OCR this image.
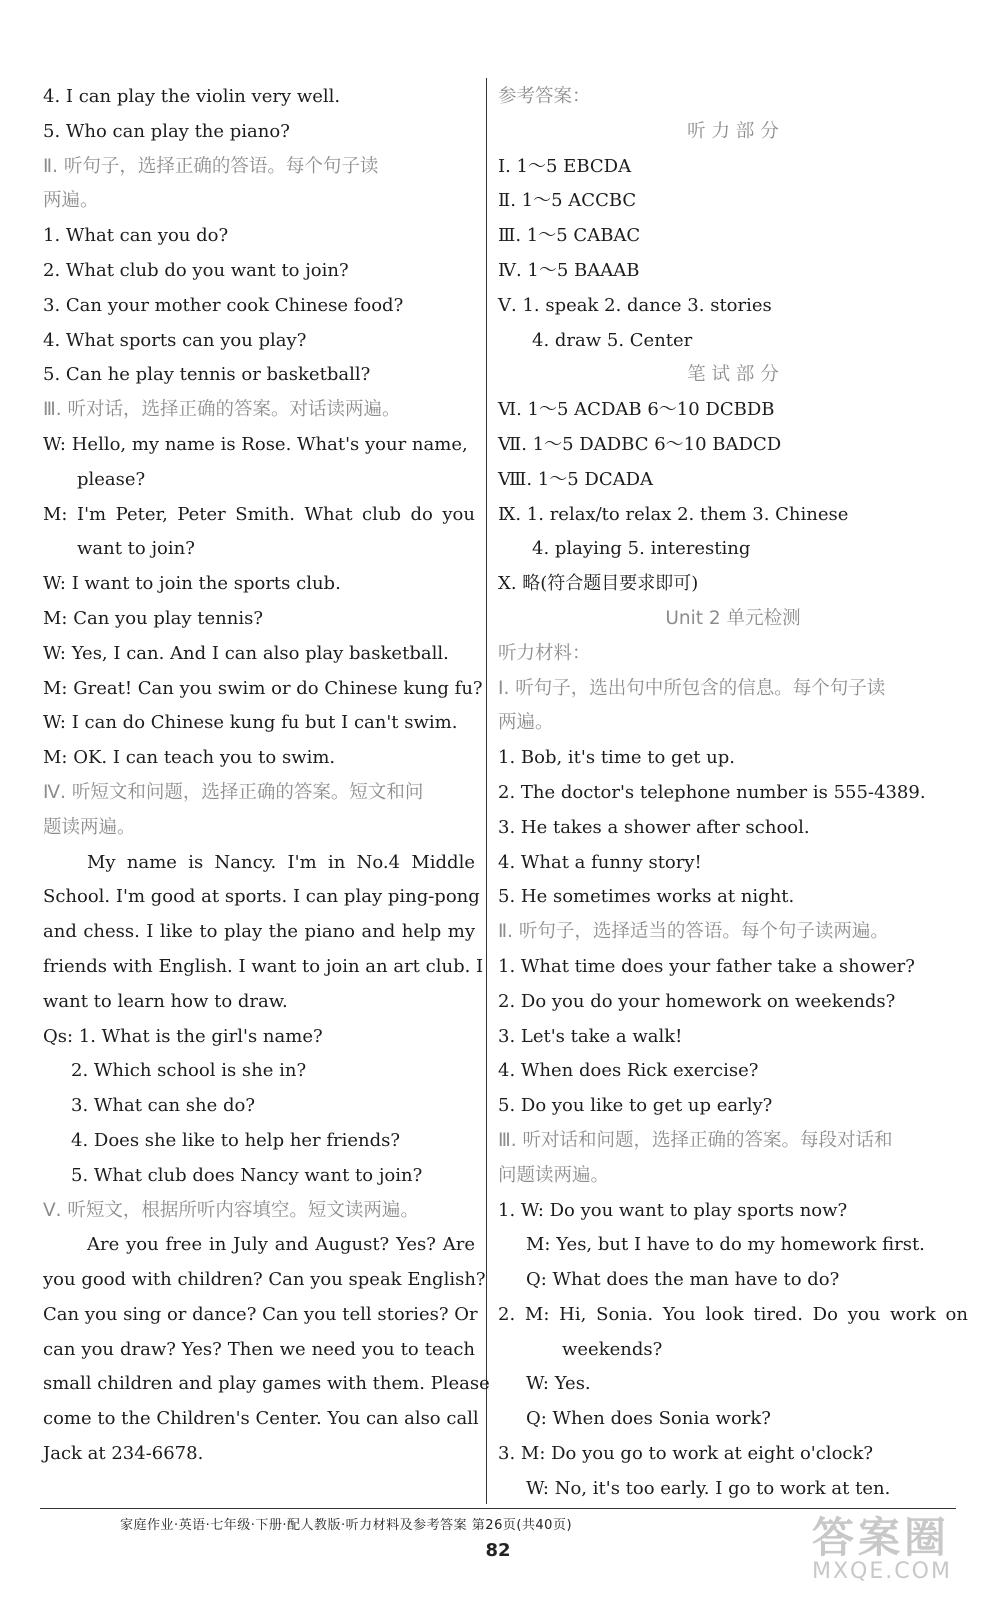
4. I can play the violin very well.
5. Who can play the piano?
Ⅱ. 听句子，选择正确的答语。每个句子读
两遍。
1. What can you do?
2. What club do you want to join?
3. Can your mother cook Chinese food?
4. What sports can you play?
5. Can he play tennis or basketball?
Ⅲ. 听对话，选择正确的答案。对话读两遍。
W: Hello, my name is Rose. What's your name,
please?
M: I'm Peter, Peter Smith. What club do you
want to join?
W: I want to join the sports club.
M: Can you play tennis?
W: Yes, I can. And I can also play basketball.
M: Great! Can you swim or do Chinese kung fu?
W: I can do Chinese kung fu but I can't swim.
M: OK. I can teach you to swim.
Ⅳ. 听短文和问题，选择正确的答案。短文和问
题读两遍。
My name is Nancy. I'm in No.4 Middle
School. I'm good at sports. I can play ping-pong
and chess. I like to play the piano and help my
friends with English. I want to join an art club. I
want to learn how to draw.
Qs: 1. What is the girl's name?
2. Which school is she in?
3. What can she do?
4. Does she like to help her friends?
5. What club does Nancy want to join?
Ⅴ. 听短文，根据所听内容填空。短文读两遍。
Are you free in July and August? Yes? Are
you good with children? Can you speak English?
Can you sing or dance? Can you tell stories? Or
can you draw? Yes? Then we need you to teach
small children and play games with them. Please
come to the Children's Center. You can also call
Jack at 234-6678.
参考答案：
听 力 部 分
Ⅰ. 1～5 EBCDA
Ⅱ. 1～5 ACCBC
Ⅲ. 1～5 CABAC
Ⅳ. 1～5 BAAAB
Ⅴ. 1. speak 2. dance 3. stories
4. draw 5. Center
笔 试 部 分
Ⅵ. 1～5 ACDAB 6～10 DCBDB
Ⅶ. 1～5 DADBC 6～10 BADCD
Ⅷ. 1～5 DCADA
Ⅸ. 1. relax/to relax 2. them 3. Chinese
4. playing 5. interesting
Ⅹ. 略(符合题目要求即可)
Unit 2 单元检测
听力材料：
Ⅰ. 听句子，选出句中所包含的信息。每个句子读
两遍。
1. Bob, it's time to get up.
2. The doctor's telephone number is 555-4389.
3. He takes a shower after school.
4. What a funny story!
5. He sometimes works at night.
Ⅱ. 听句子，选择适当的答语。每个句子读两遍。
1. What time does your father take a shower?
2. Do you do your homework on weekends?
3. Let's take a walk!
4. When does Rick exercise?
5. Do you like to get up early?
Ⅲ. 听对话和问题，选择正确的答案。每段对话和
问题读两遍。
1. W: Do you want to play sports now?
M: Yes, but I have to do my homework first.
Q: What does the man have to do?
2. M: Hi, Sonia. You look tired. Do you work on
weekends?
W: Yes.
Q: When does Sonia work?
3. M: Do you go to work at eight o'clock?
W: No, it's too early. I go to work at ten.
家庭作业·英语·七年级·下册·配人教版·听力材料及参考答案 第26页(共40页)
82	答案圈
MXQE.COM
